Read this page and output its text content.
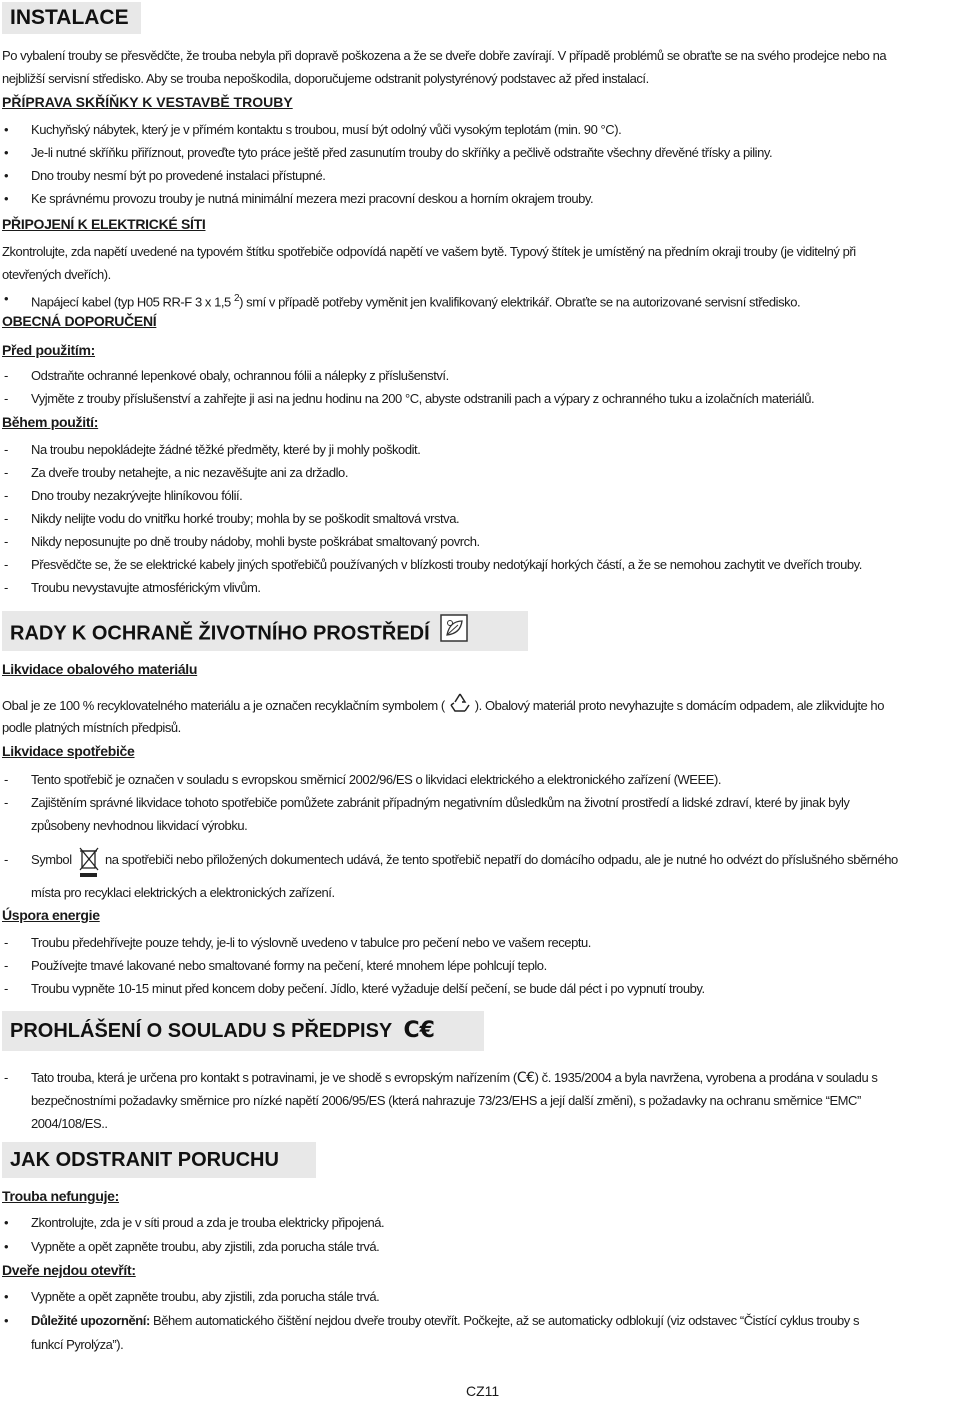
INSTALACE
Po vybalení trouby se přesvědčte, že trouba nebyla při dopravě poškozena a že se dveře dobře zavírají. V případě problémů se obraťte se na svého prodejce nebo na
nejbližší servisní středisko. Aby se trouba nepoškodila, doporučujeme odstranit polystyrénový podstavec až před instalací.
PŘÍPRAVA SKŘÍŇKY K VESTAVBĚ TROUBY
• Kuchyňský nábytek, který je v přímém kontaktu s troubou, musí být odolný vůči vysokým teplotám (min. 90 °C).
• Je-li nutné skříňku přiříznout, proveďte tyto práce ještě před zasunutím trouby do skříňky a pečlivě odstraňte všechny dřevěné třísky a piliny.
• Dno trouby nesmí být po provedené instalaci přístupné.
• Ke správnému provozu trouby je nutná minimální mezera mezi pracovní deskou a horním okrajem trouby.
PŘIPOJENÍ K ELEKTRICKÉ SÍTI
Zkontrolujte, zda napětí uvedené na typovém štítku spotřebiče odpovídá napětí ve vašem bytě. Typový štítek je umístěný na předním okraji trouby (je viditelný při
otevřených dveřích).
• Napájecí kabel (typ H05 RR-F 3 x 1,5 $^2$) smí v případě potřeby vyměnit jen kvalifikovaný elektrikář. Obraťte se na autorizované servisní středisko.
OBECNÁ DOPORUČENÍ
Před použitím:
- Odstraňte ochranné lepenkové obaly, ochrannou fólii a nálepky z příslušenství.
- Vyjměte z trouby příslušenství a zahřejte ji asi na jednu hodinu na 200 °C, abyste odstranili pach a výpary z ochranného tuku a izolačních materiálů.
Během použití:
- Na troubu nepokládejte žádné těžké předměty, které by ji mohly poškodit.
- Za dveře trouby netahejte, a nic nezavěšujte ani za držadlo.
- Dno trouby nezakrývejte hliníkovou fólií.
- Nikdy nelijte vodu do vnitřku horké trouby; mohla by se poškodit smaltová vrstva.
- Nikdy neposunujte po dně trouby nádoby, mohli byste poškrábat smaltovaný povrch.
- Přesvědčte se, že se elektrické kabely jiných spotřebičů používaných v blízkosti trouby nedotýkají horkých částí, a že se nemohou zachytit ve dveřích trouby.
- Troubu nevystavujte atmosférickým vlivům.
RADY K OCHRANĚ ŽIVOTNÍHO PROSTŘEDÍ
Likvidace obalového materiálu
Obal je ze 100 % recyklovatelného materiálu a je označen recyklačním symbolem ( ). Obalový materiál proto nevyhazujte s domácím odpadem, ale zlikvidujte ho
podle platných místních předpisů.
Likvidace spotřebiče
- Tento spotřebič je označen v souladu s evropskou směrnicí 2002/96/ES o likvidaci elektrického a elektronického zařízení (WEEE).
- Zajištěním správné likvidace tohoto spotřebiče pomůžete zabránit případným negativním důsledkům na životní prostředí a lidské zdraví, které by jinak byly
způsobeny nevhodnou likvidací výrobku.
- Symbol	na spotřebiči nebo přiložených dokumentech udává, že tento spotřebič nepatří do domácího odpadu, ale je nutné ho odvézt do příslušného sběrného
místa pro recyklaci elektrických a elektronických zařízení.
Úspora energie
- Troubu předehřívejte pouze tehdy, je-li to výslovně uvedeno v tabulce pro pečení nebo ve vašem receptu.
- Používejte tmavé lakované nebo smaltované formy na pečení, které mnohem lépe pohlcují teplo.
- Troubu vypněte 10-15 minut před koncem doby pečení. Jídlo, které vyžaduje delší pečení, se bude dál péct i po vypnutí trouby.
PROHLÁŠENÍ O SOULADU S PŘEDPISY C€
- Tato trouba, která je určena pro kontakt s potravinami, je ve shodě s evropským nařízením (C€) č. 1935/2004 a byla navržena, vyrobena a prodána v souladu s
bezpečnostními požadavky směrnice pro nízké napětí 2006/95/ES (která nahrazuje 73/23/EHS a její další změni), s požadavky na ochranu směrnice “EMC”
2004/108/ES..
JAK ODSTRANIT PORUCHU
Trouba nefunguje:
• Zkontrolujte, zda je v síti proud a zda je trouba elektricky připojená.
• Vypněte a opět zapněte troubu, aby zjistili, zda porucha stále trvá.
Dveře nejdou otevřít:
• Vypněte a opět zapněte troubu, aby zjistili, zda porucha stále trvá.
• Důležité upozornění: Během automatického čištění nejdou dveře trouby otevřít. Počkejte, až se automaticky odblokují (viz odstavec “Čistící cyklus trouby s
funkcí Pyrolýza”).
CZ11
